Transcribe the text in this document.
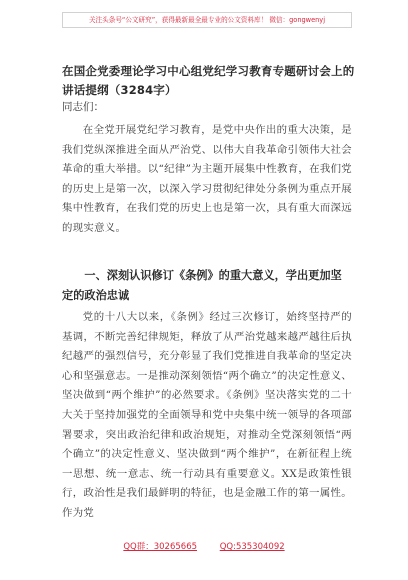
关注头条号“公文研究”，获得最新最全最专业的公文资料库！ 微信：gongwenyj
在国企党委理论学习中心组党纪学习教育专题研讨会上的讲话提纲（3284字）
同志们：
在全党开展党纪学习教育，是党中央作出的重大决策，是我们党纵深推进全面从严治党、以伟大自我革命引领伟大社会革命的重大举措。以“纪律”为主题开展集中性教育，在我们党的历史上是第一次，以深入学习贯彻纪律处分条例为重点开展集中性教育，在我们党的历史上也是第一次，具有重大而深远的现实意义。
一、深刻认识修订《条例》的重大意义，学出更加坚定的政治忠诚
党的十八大以来，《条例》经过三次修订，始终坚持严的基调，不断完善纪律规矩，释放了从严治党越来越严越往后执纪越严的强烈信号，充分彰显了我们党推进自我革命的坚定决心和坚强意志。一是推动深刻领悟“两个确立”的决定性意义、坚决做到“两个维护”的必然要求。《条例》坚决落实党的二十大关于坚持加强党的全面领导和党中央集中统一领导的各项部署要求，突出政治纪律和政治规矩，对推动全党深刻领悟“两个确立”的决定性意义、坚决做到“两个维护”，在新征程上统一思想、统一意志、统一行动具有重要意义。XX是政策性银行，政治性是我们最鲜明的特征，也是金融工作的第一属性。作为党
QQ群：30265665	QQ:535304092
